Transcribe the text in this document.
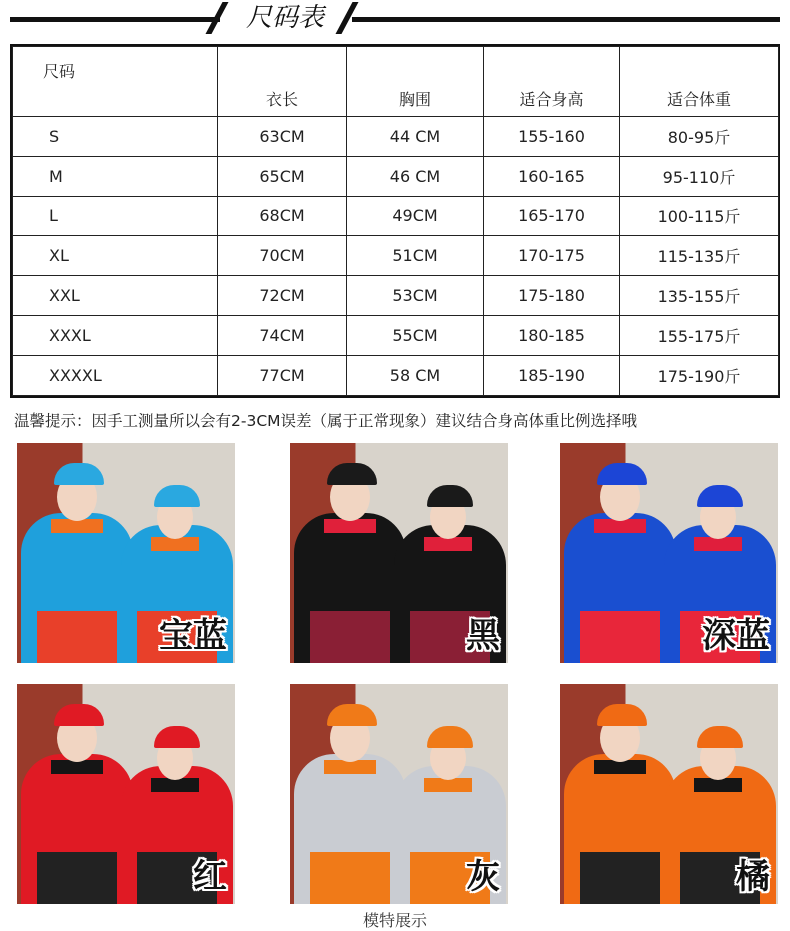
尺码表
尺码	衣长	胸围	适合身高	适合体重
S	63CM	44 CM	155-160	80-95斤
M	65CM	46 CM	160-165	95-110斤
L	68CM	49CM	165-170	100-115斤
XL	70CM	51CM	170-175	115-135斤
XXL	72CM	53CM	175-180	135-155斤
XXXL	74CM	55CM	180-185	155-175斤
XXXXL	77CM	58 CM	185-190	175-190斤
温馨提示：因手工测量所以会有2-3CM误差（属于正常现象）建议结合身高体重比例选择哦
宝蓝	黑	深蓝
红	灰	橘
模特展示
